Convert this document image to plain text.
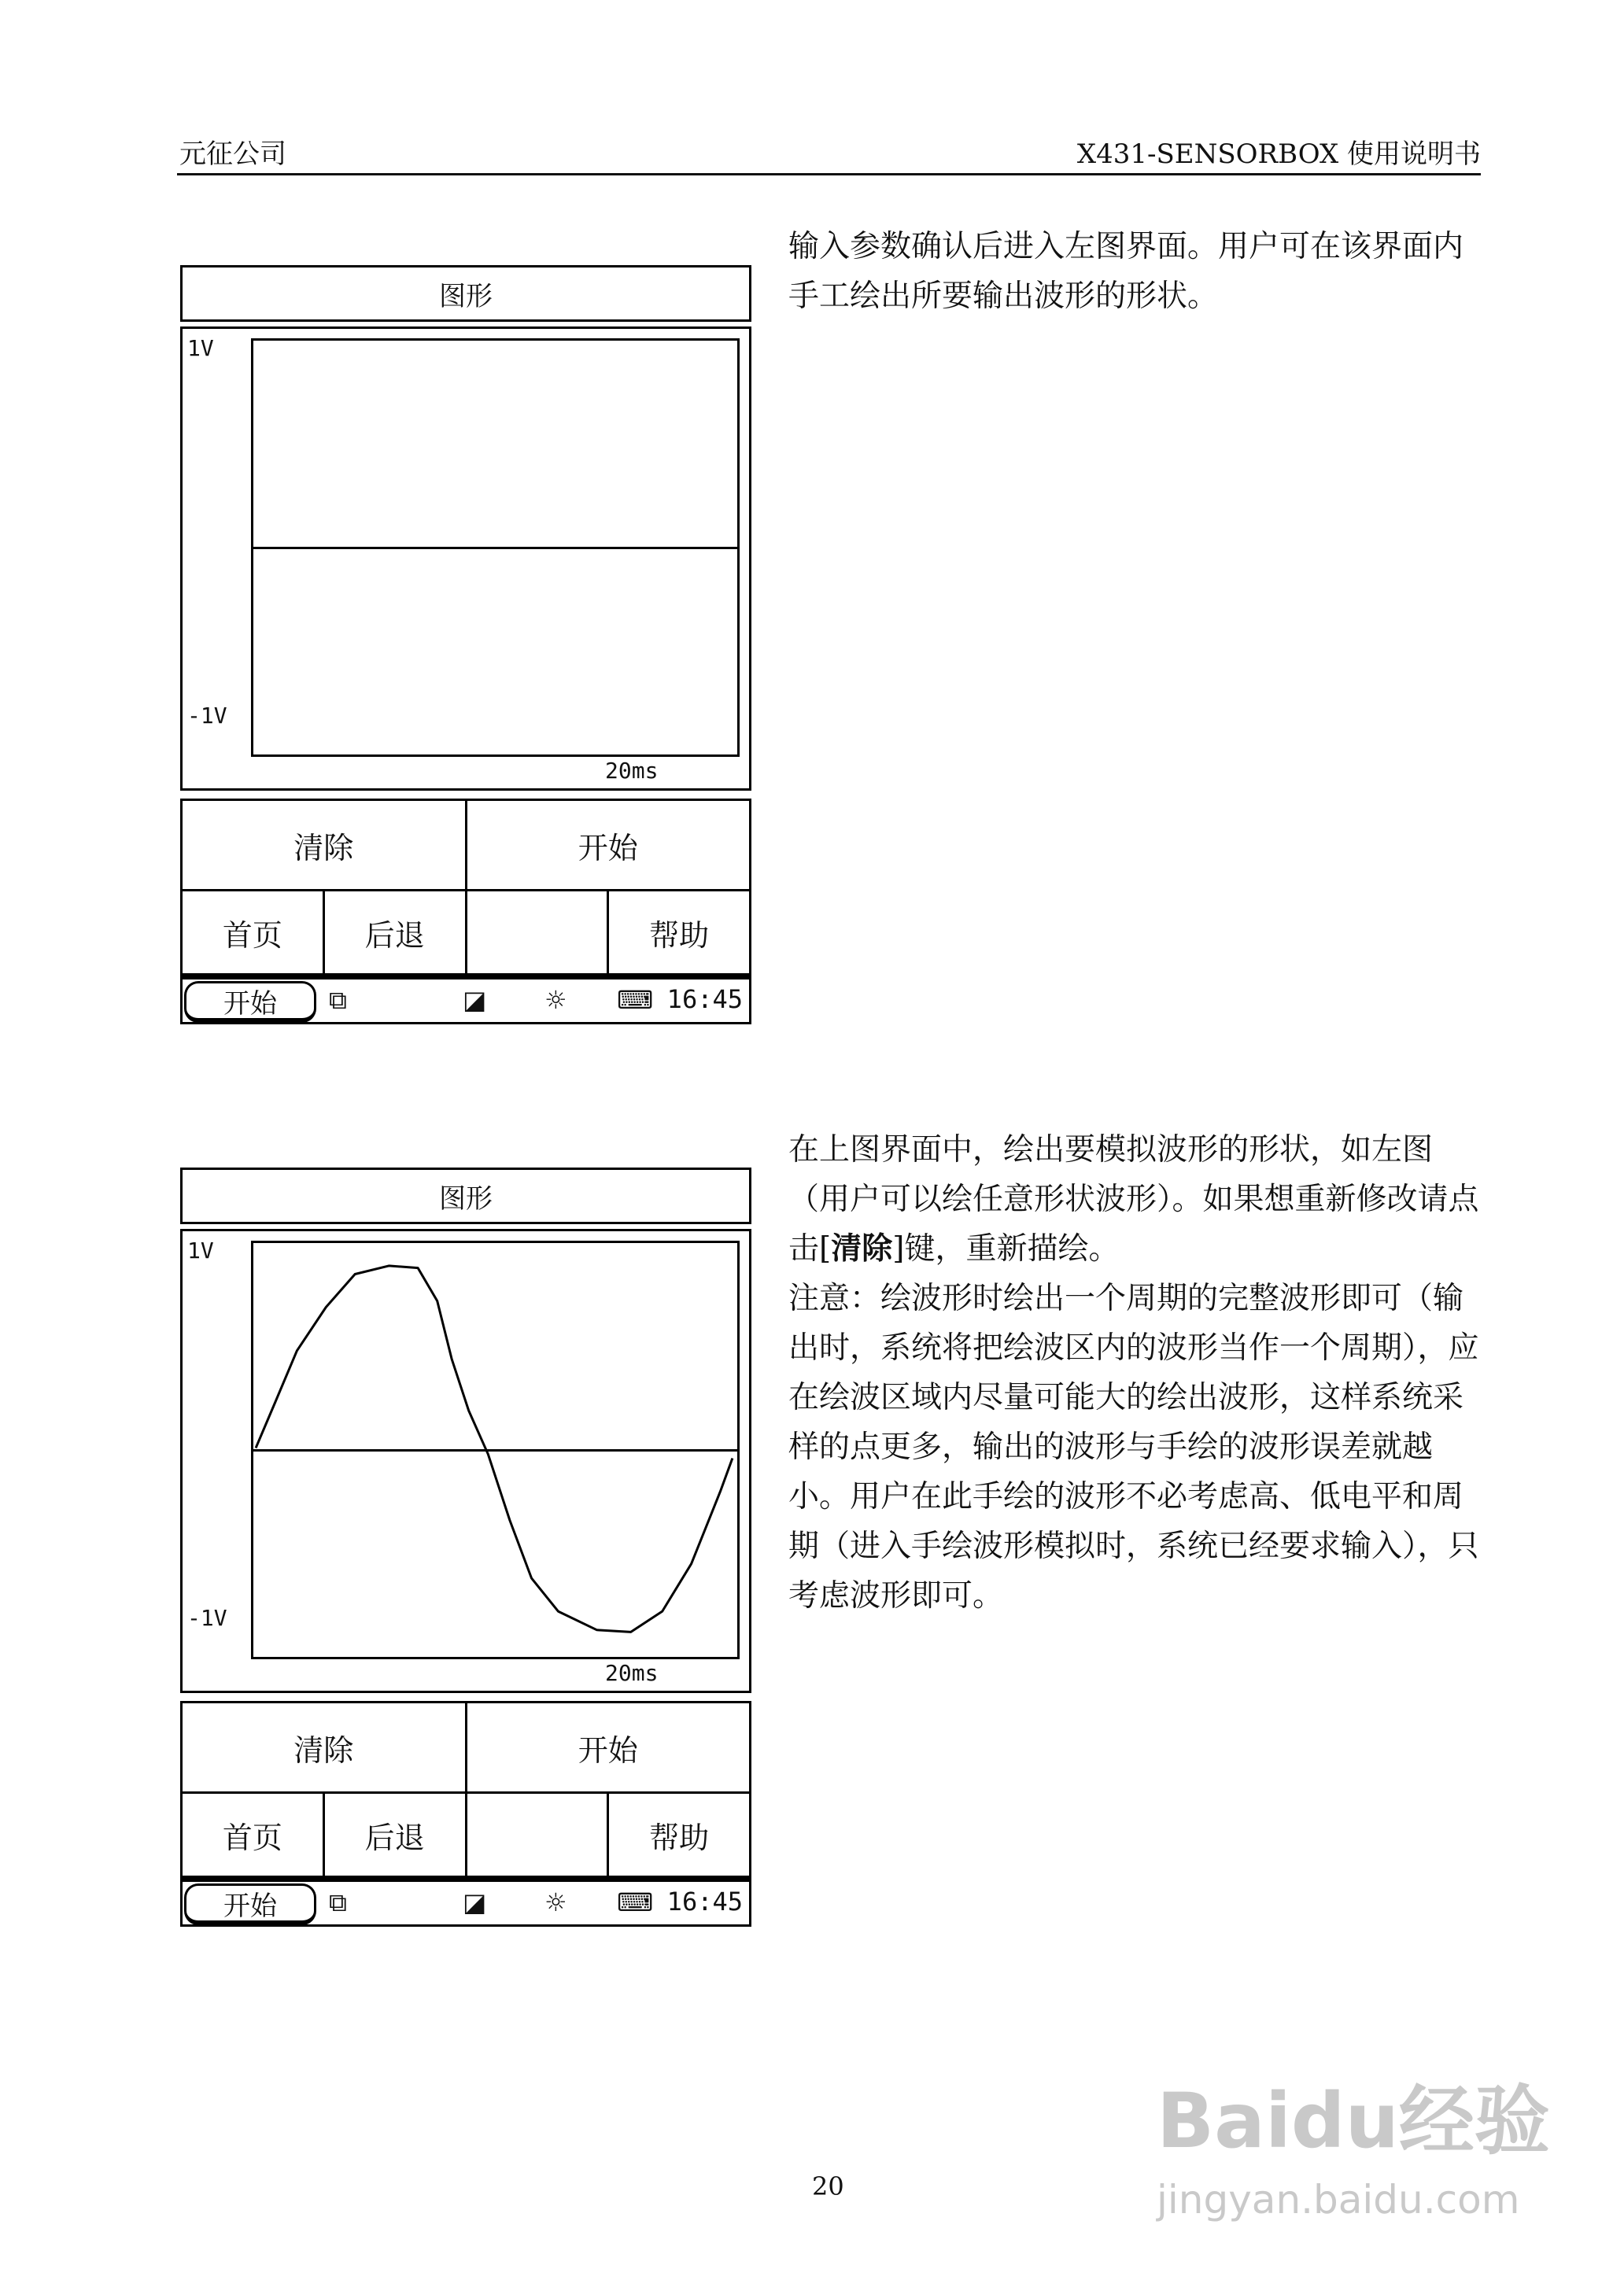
元征公司	X431-SENSORBOX 使用说明书
图形
1V
-1V
20ms
清除	开始
首页	后退	帮助
开始	⧉	◪ ☼ ⌨ 16:45
图形
1V
-1V
20ms
清除	开始
首页	后退	帮助
开始	⧉	◪ ☼ ⌨ 16:45

输入参数确认后进入左图界面。用户可在该界面内手工绘出所要输出波形的形状。

在上图界面中，绘出要模拟波形的形状，如左图（用户可以绘任意形状波形）。如果想重新修改请点击[清除]键，重新描绘。

注意：绘波形时绘出一个周期的完整波形即可（输出时，系统将把绘波区内的波形当作一个周期），应在绘波区域内尽量可能大的绘出波形，这样系统采样的点更多，输出的波形与手绘的波形误差就越小。用户在此手绘的波形不必考虑高、低电平和周期（进入手绘波形模拟时，系统已经要求输入），只考虑波形即可。

20
Baidu经验
jingyan.baidu.com
